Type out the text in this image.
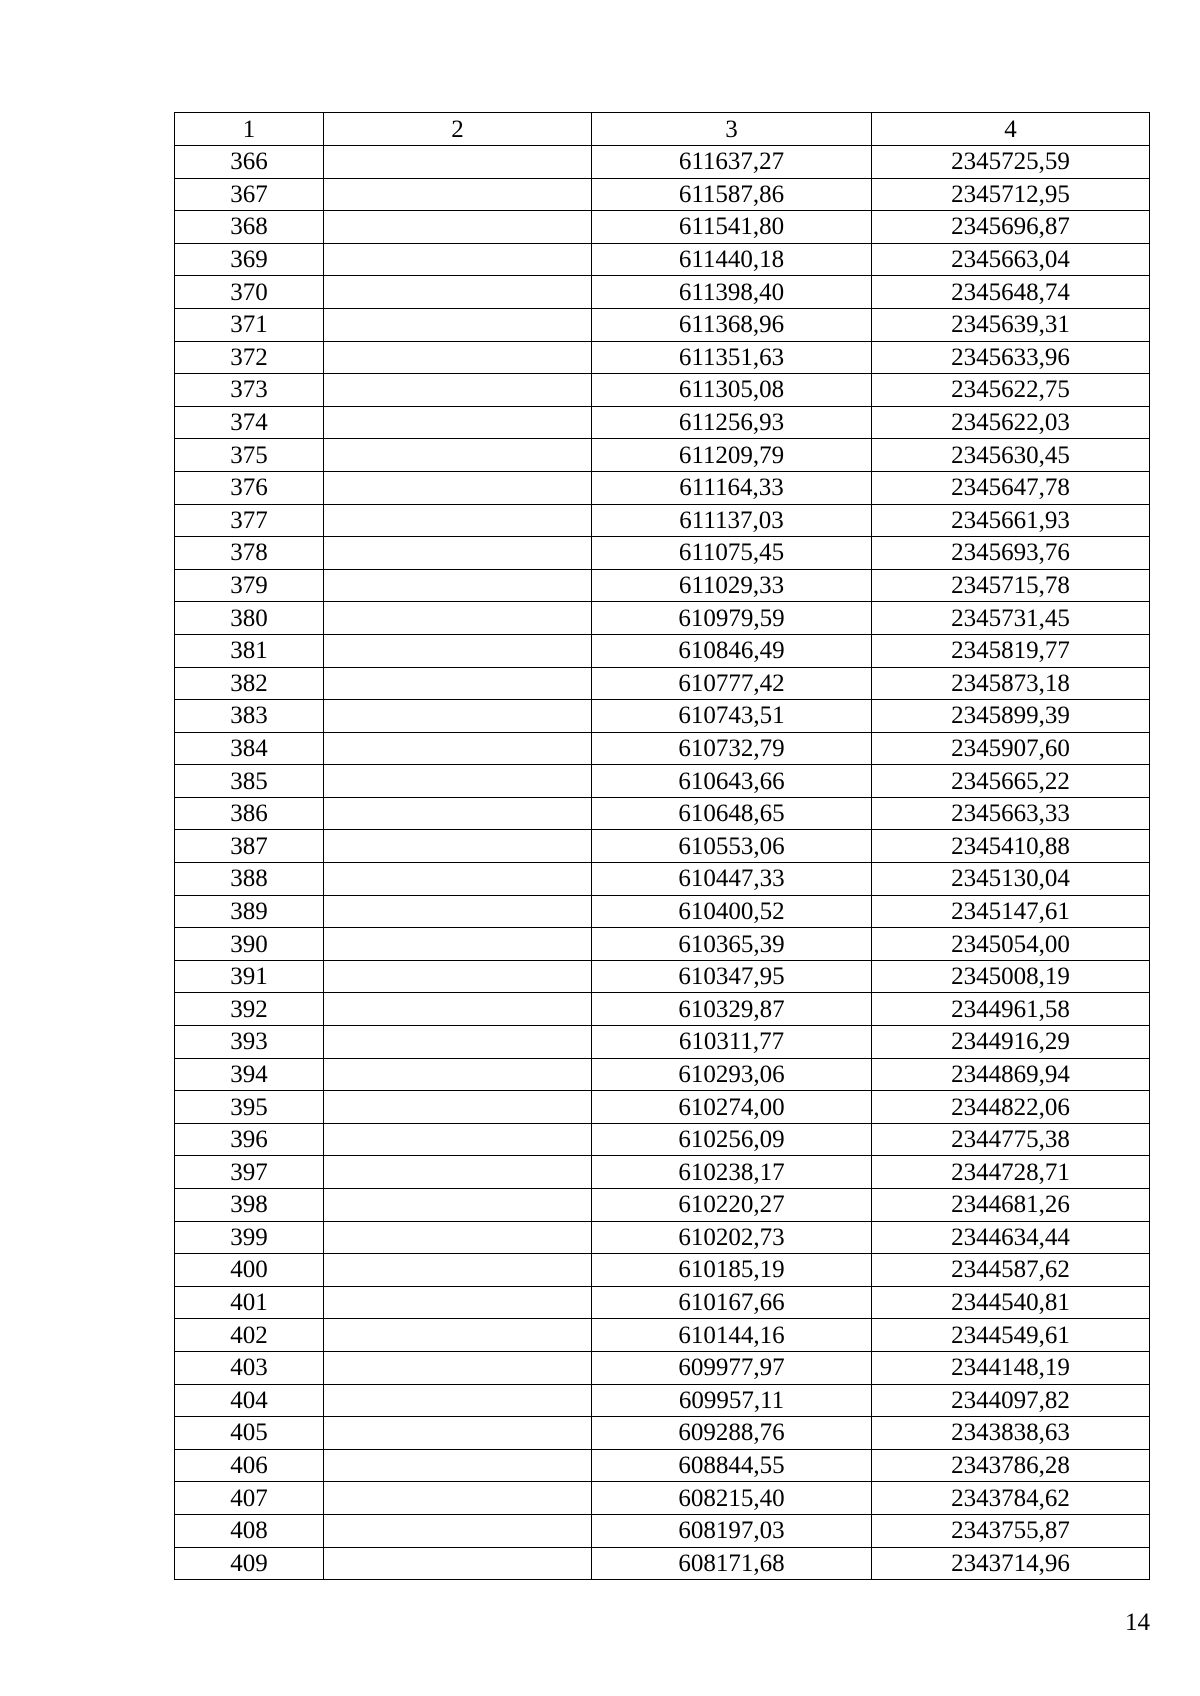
1	2	3	4
366		611637,27	2345725,59
367		611587,86	2345712,95
368		611541,80	2345696,87
369		611440,18	2345663,04
370		611398,40	2345648,74
371		611368,96	2345639,31
372		611351,63	2345633,96
373		611305,08	2345622,75
374		611256,93	2345622,03
375		611209,79	2345630,45
376		611164,33	2345647,78
377		611137,03	2345661,93
378		611075,45	2345693,76
379		611029,33	2345715,78
380		610979,59	2345731,45
381		610846,49	2345819,77
382		610777,42	2345873,18
383		610743,51	2345899,39
384		610732,79	2345907,60
385		610643,66	2345665,22
386		610648,65	2345663,33
387		610553,06	2345410,88
388		610447,33	2345130,04
389		610400,52	2345147,61
390		610365,39	2345054,00
391		610347,95	2345008,19
392		610329,87	2344961,58
393		610311,77	2344916,29
394		610293,06	2344869,94
395		610274,00	2344822,06
396		610256,09	2344775,38
397		610238,17	2344728,71
398		610220,27	2344681,26
399		610202,73	2344634,44
400		610185,19	2344587,62
401		610167,66	2344540,81
402		610144,16	2344549,61
403		609977,97	2344148,19
404		609957,11	2344097,82
405		609288,76	2343838,63
406		608844,55	2343786,28
407		608215,40	2343784,62
408		608197,03	2343755,87
409		608171,68	2343714,96
14
